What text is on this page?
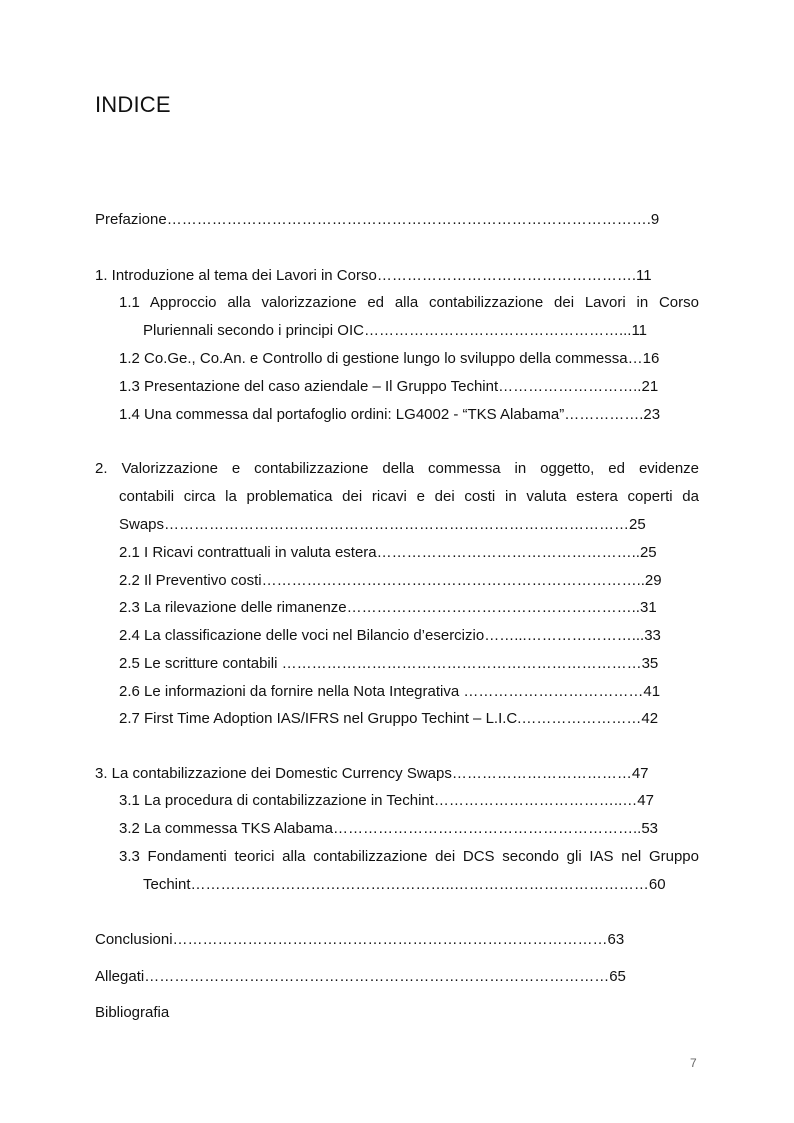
INDICE
Prefazione…………………………………………………………………………………….9
1. Introduzione al tema dei Lavori in Corso…………………………………………….11
1.1 Approccio alla valorizzazione ed alla contabilizzazione dei Lavori in Corso
Pluriennali secondo i principi OIC……………………………………………...11
1.2 Co.Ge., Co.An. e Controllo di gestione lungo lo sviluppo della commessa…16
1.3 Presentazione del caso aziendale – Il Gruppo Techint………………………..21
1.4 Una commessa dal portafoglio ordini: LG4002 - “TKS Alabama”…………….23
2. Valorizzazione e contabilizzazione della commessa in oggetto, ed evidenze
contabili circa la problematica dei ricavi e dei costi in valuta estera coperti da
Swaps…………………………………………………………………………………25
2.1 I Ricavi contrattuali in valuta estera……………………………………………..25
2.2 Il Preventivo costi…………………………………………………………………..29
2.3 La rilevazione delle rimanenze…………………………………………………..31
2.4 La classificazione delle voci nel Bilancio d’esercizio……...…………………...33
2.5 Le scritture contabili ………………………………………………………………35
2.6 Le informazioni da fornire nella Nota Integrativa ………………………………41
2.7 First Time Adoption IAS/IFRS nel Gruppo Techint – L.I.C.……………………42
3. La contabilizzazione dei Domestic Currency Swaps………………………………47
3.1 La procedura di contabilizzazione in Techint………………………………..…47
3.2 La commessa TKS Alabama……………………………………………………..53
3.3 Fondamenti teorici alla contabilizzazione dei DCS secondo gli IAS nel Gruppo
Techint……………………………………………..…………………………………60
Conclusioni……………………………………………………………………………63
Allegati…………………………………………………………………………………65
Bibliografia
7
